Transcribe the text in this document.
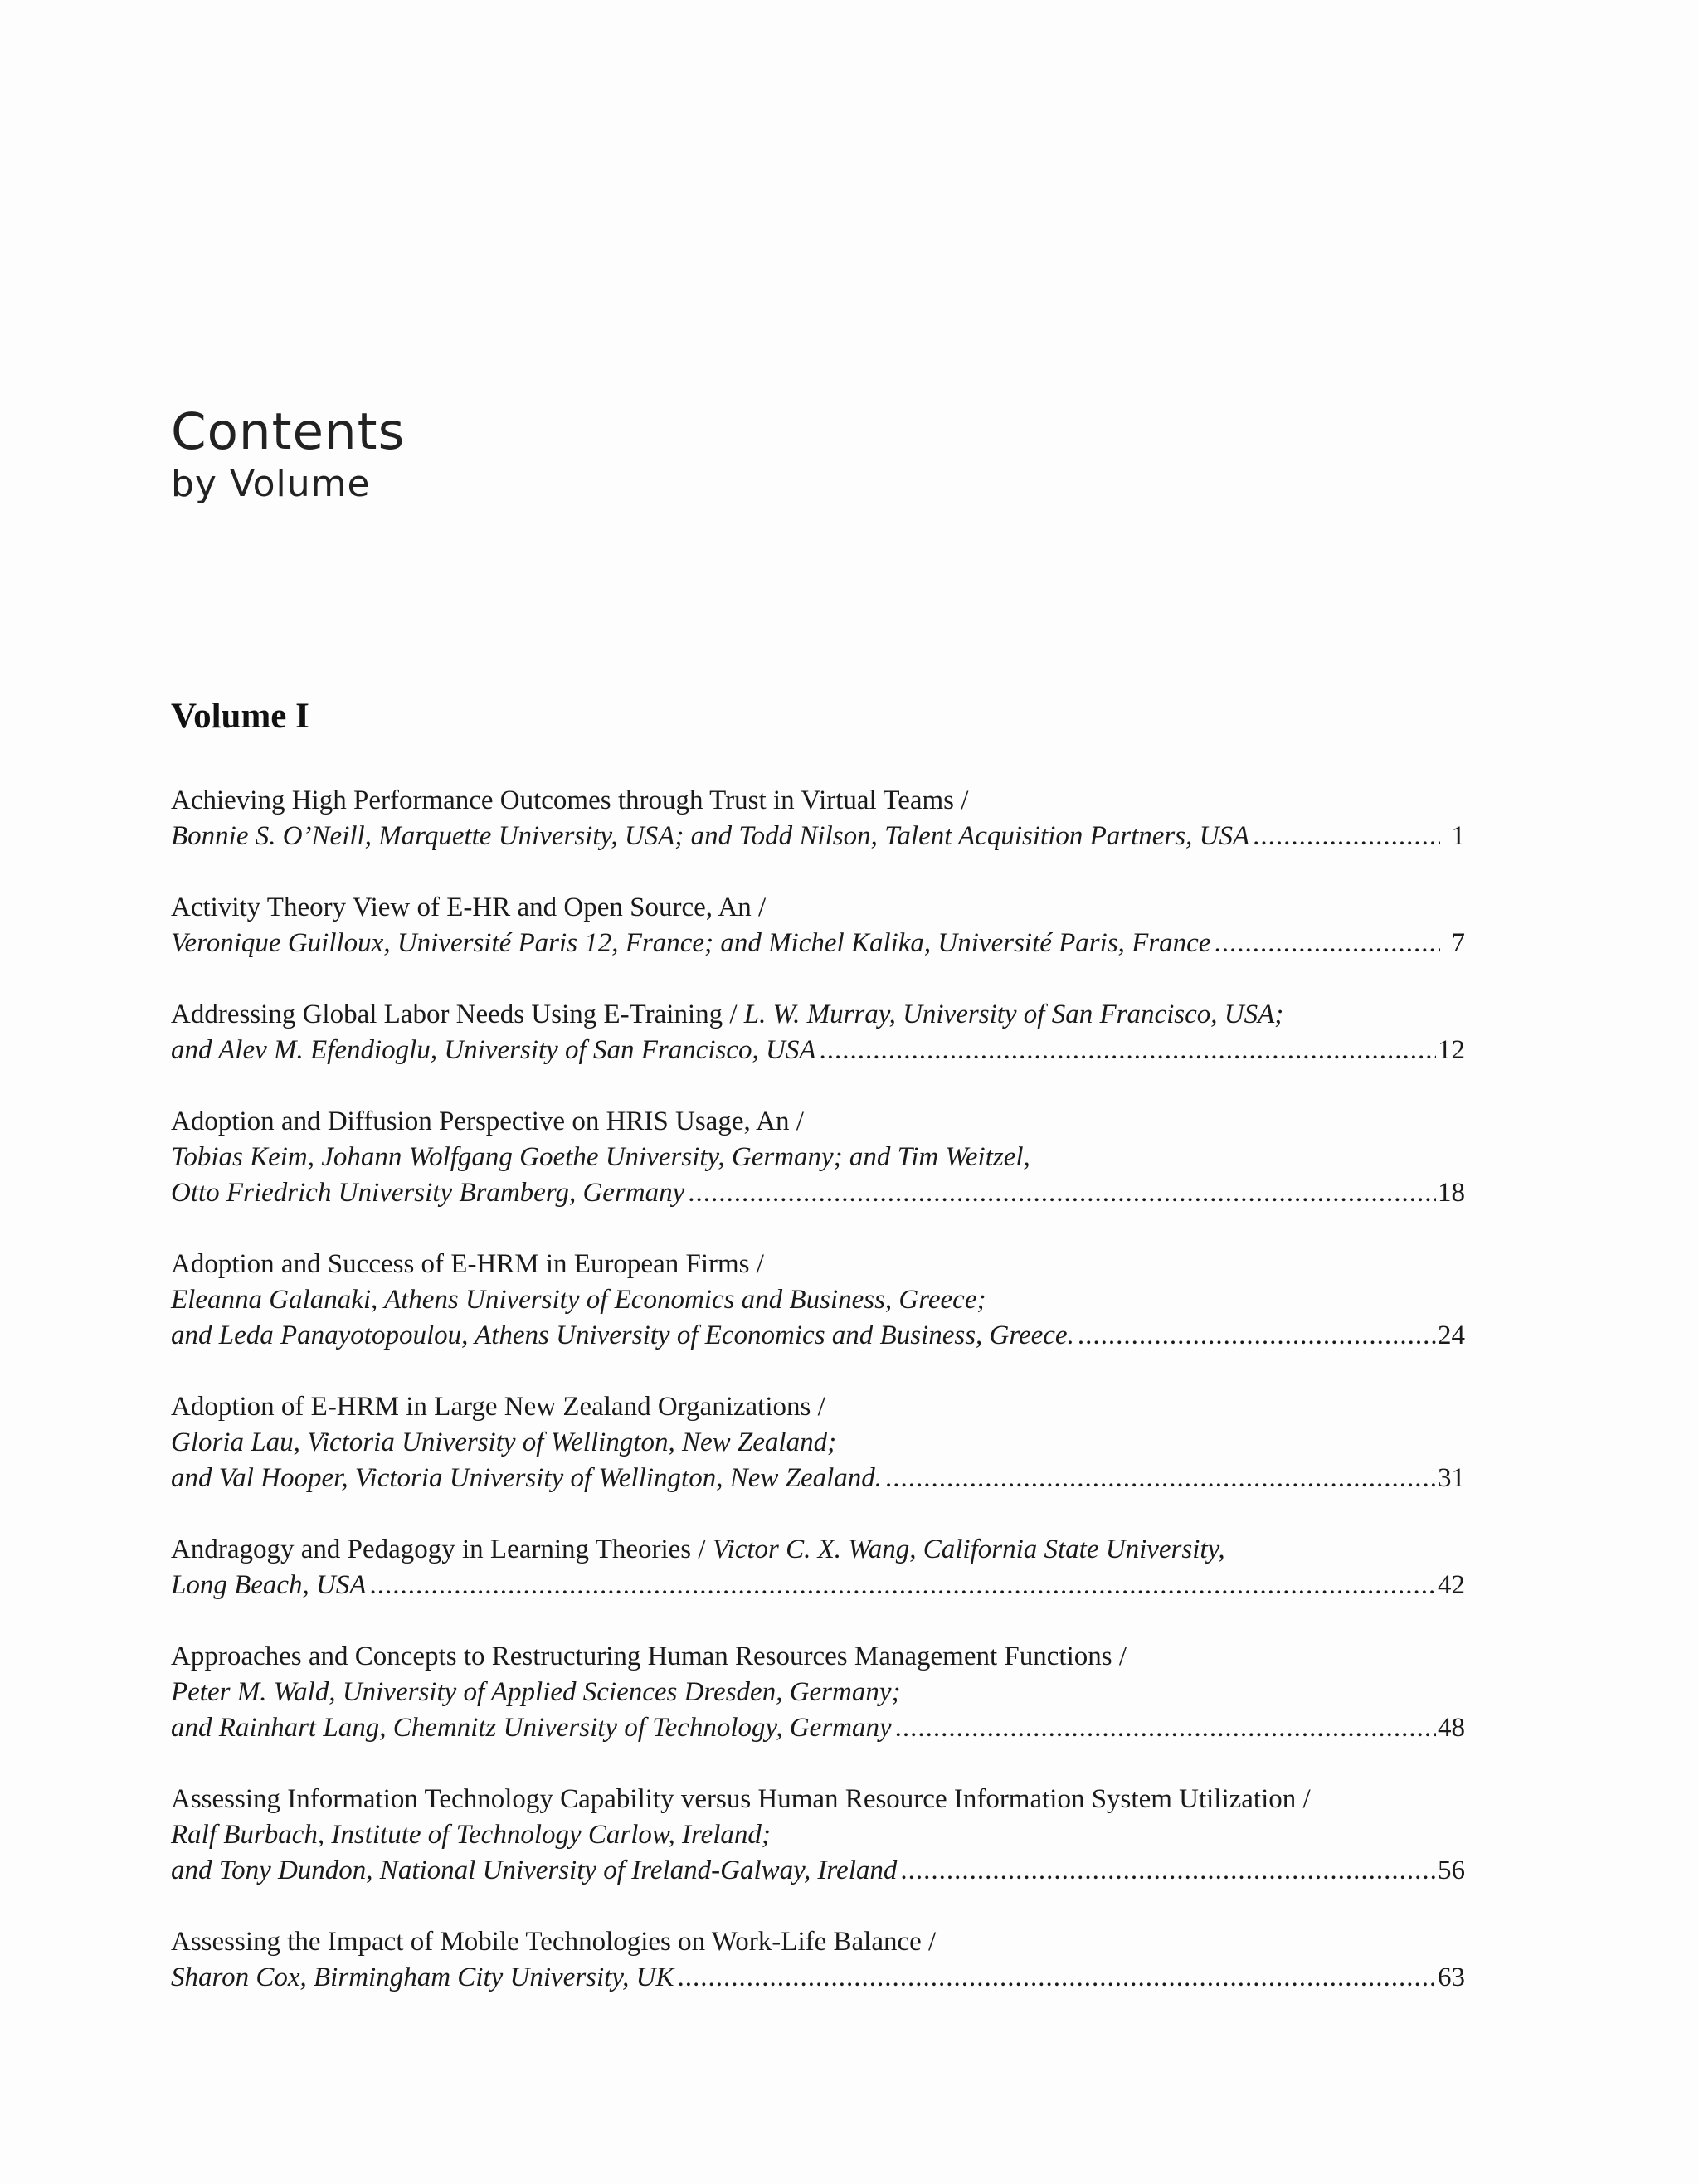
Contents
by Volume
Volume I
Achieving High Performance Outcomes through Trust in Virtual Teams /
Bonnie S. O’Neill, Marquette University, USA; and Todd Nilson, Talent Acquisition Partners, USA .....	1
Activity Theory View of E-HR and Open Source, An /
Veronique Guilloux, Université Paris 12, France; and Michel Kalika, Université Paris, France .....	7
Addressing Global Labor Needs Using E-Training /
L. W. Murray, University of San Francisco, USA;
and Alev M. Efendioglu, University of San Francisco, USA .....	12
Adoption and Diffusion Perspective on HRIS Usage, An /
Tobias Keim, Johann Wolfgang Goethe University, Germany; and Tim Weitzel,
Otto Friedrich University Bramberg, Germany .....	18
Adoption and Success of E-HRM in European Firms /
Eleanna Galanaki, Athens University of Economics and Business, Greece;
and Leda Panayotopoulou, Athens University of Economics and Business, Greece. .....	24
Adoption of E-HRM in Large New Zealand Organizations /
Gloria Lau, Victoria University of Wellington, New Zealand;
and Val Hooper, Victoria University of Wellington, New Zealand. .....	31
Andragogy and Pedagogy in Learning Theories /
Victor C. X. Wang, California State University,
Long Beach, USA .....	42
Approaches and Concepts to Restructuring Human Resources Management Functions /
Peter M. Wald, University of Applied Sciences Dresden, Germany;
and Rainhart Lang, Chemnitz University of Technology, Germany .....	48
Assessing Information Technology Capability versus Human Resource Information System Utilization /
Ralf Burbach, Institute of Technology Carlow, Ireland;
and Tony Dundon, National University of Ireland-Galway, Ireland .....	56
Assessing the Impact of Mobile Technologies on Work-Life Balance /
Sharon Cox, Birmingham City University, UK .....	63
